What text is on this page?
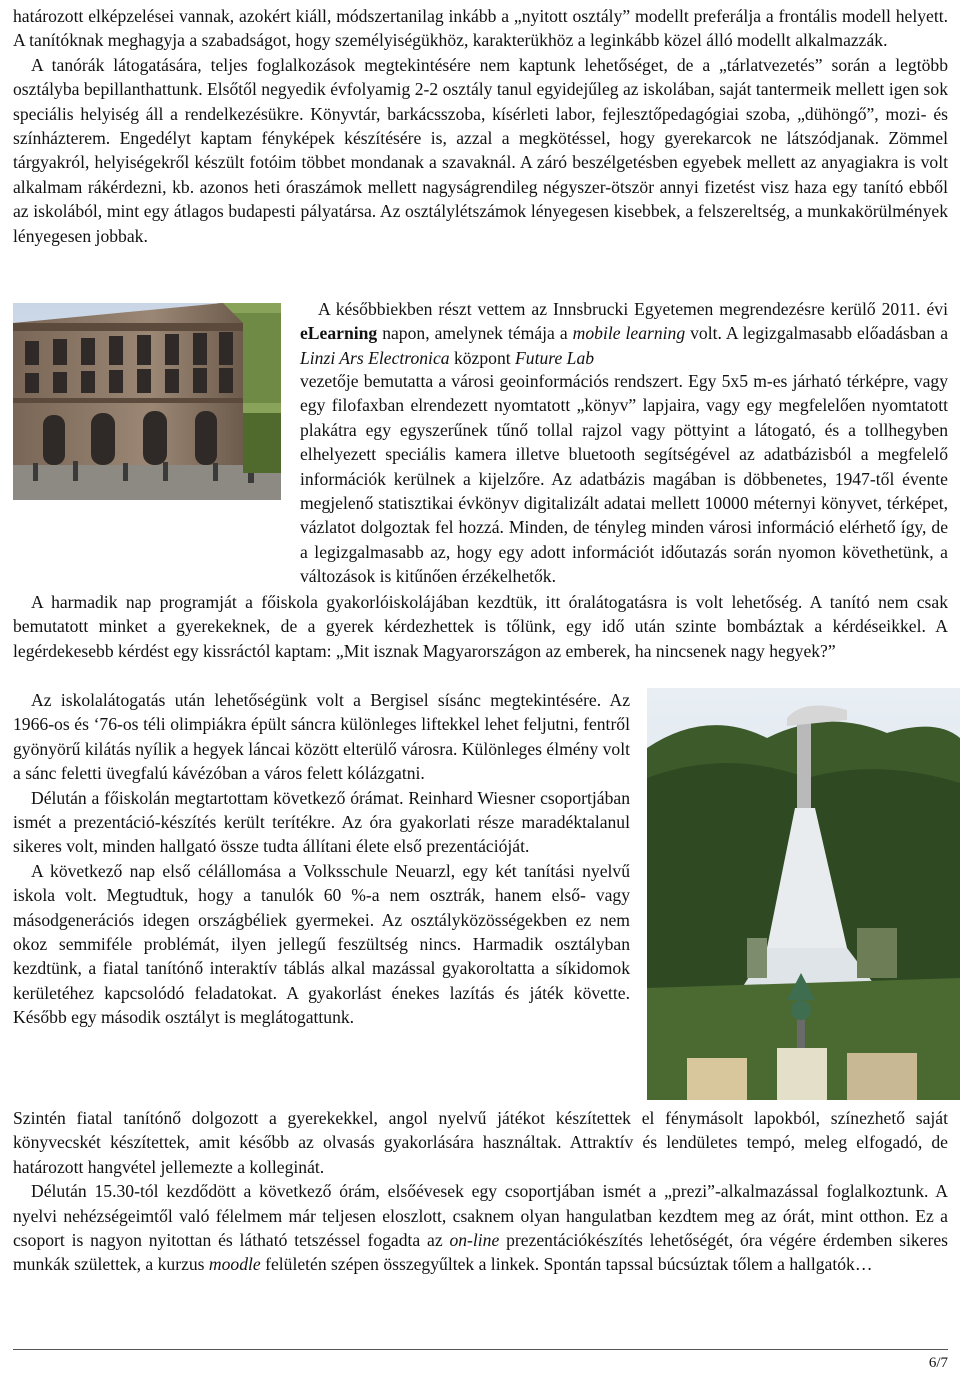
határozott elképzelései vannak, azokért kiáll, módszertanilag inkább a „nyitott osztály” modellt preferálja a frontális modell helyett. A tanítóknak meghagyja a szabadságot, hogy személyiségükhöz, karakterükhöz a leginkább közel álló modellt alkalmazzák.

A tanórák látogatására, teljes foglalkozások megtekintésére nem kaptunk lehetőséget, de a „tárlatvezetés” során a legtöbb osztályba bepillanthattunk. Elsőtől negyedik évfolyamig 2-2 osztály tanul egyidejűleg az iskolában, saját tantermeik mellett igen sok speciális helyiség áll a rendelkezésükre. Könyvtár, barkácsszoba, kísérleti labor, fejlesztőpedagógiai szoba, „dühöngő”, mozi- és színházterem. Engedélyt kaptam fényképek készítésére is, azzal a megkötéssel, hogy gyerekarcok ne látszódjanak. Zömmel tárgyakról, helyiségekről készült fotóim többet mondanak a szavaknál. A záró beszélgetésben egyebek mellett az anyagiakra is volt alkalmam rákérdezni, kb. azonos heti óraszámok mellett nagyságrendileg négyszer-ötször annyi fizetést visz haza egy tanító ebből az iskolából, mint egy átlagos budapesti pályatársa. Az osztálylétszámok lényegesen kisebbek, a felszereltség, a munkakörülmények lényegesen jobbak.

A későbbiekben részt vettem az Innsbrucki Egyetemen megrendezésre kerülő 2011. évi eLearning napon, amelynek témája a mobile learning volt. A legizgalmasabb előadásban a Linzi Ars Electronica központ Future Lab

vezetője bemutatta a városi geoinformációs rendszert. Egy 5x5 m-es járható térképre, vagy egy filofaxban elrendezett nyomtatott „könyv” lapjaira, vagy egy megfelelően nyomtatott plakátra egy egyszerűnek tűnő tollal rajzol vagy pöttyint a látogató, és a tollhegyben elhelyezett speciális kamera illetve bluetooth segítségével az adatbázisból a megfelelő információk kerülnek a kijelzőre. Az adatbázis magában is döbbenetes, 1947-től évente megjelenő statisztikai évkönyv digitalizált adatai mellett 10000 méternyi könyvet, térképet, vázlatot dolgoztak fel hozzá. Minden, de tényleg minden városi információ elérhető így, de a legizgalmasabb az, hogy egy adott információt időutazás során nyomon követhetünk, a változások is kitűnően érzékelhetők.

A harmadik nap programját a főiskola gyakorlóiskolájában kezdtük, itt óralátogatásra is volt lehetőség. A tanító nem csak bemutatott minket a gyerekeknek, de a gyerek kérdezhettek is tőlünk, egy idő után szinte bombáztak a kérdéseikkel. A legérdekesebb kérdést egy kissráctól kaptam: „Mit isznak Magyarországon az emberek, ha nincsenek nagy hegyek?”

Az iskolalátogatás után lehetőségünk volt a Bergisel sísánc megtekintésére. Az 1966-os és ‘76-os téli olimpiákra épült sáncra különleges liftekkel lehet feljutni, fentről gyönyörű kilátás nyílik a hegyek láncai között elterülő városra. Különleges élmény volt a sánc feletti üvegfalú kávézóban a város felett kólázgatni.

Délután a főiskolán megtartottam következő órámat. Reinhard Wiesner csoportjában ismét a prezentáció-készítés került terítékre. Az óra gyakorlati része maradéktalanul sikeres volt, minden hallgató össze tudta állítani élete első prezentációját.

A következő nap első célállomása a Volksschule Neuarzl, egy két tanítási nyelvű iskola volt. Megtudtuk, hogy a tanulók 60 %-a nem osztrák, hanem első- vagy másodgenerációs idegen országbéliek gyermekei. Az osztályközösségekben ez nem okoz semmiféle problémát, ilyen jellegű feszültség nincs. Harmadik osztályban kezdtünk, a fiatal tanítónő interaktív táblás alkal mazással gyakoroltatta a síkidomok kerületéhez kapcsolódó feladatokat. A gyakorlást énekes lazítás és játék követte. Később egy második osztályt is meglátogattunk.

Szintén fiatal tanítónő dolgozott a gyerekekkel, angol nyelvű játékot készítettek el fénymásolt lapokból, színezhető saját könyvecskét készítettek, amit később az olvasás gyakorlására használtak. Attraktív és lendületes tempó, meleg elfogadó, de határozott hangvétel jellemezte a kolleginát.

Délután 15.30-tól kezdődött a következő órám, elsőévesek egy csoportjában ismét a „prezi”-alkalmazással foglalkoztunk. A nyelvi nehézségeimtől való félelmem már teljesen eloszlott, csaknem olyan hangulatban kezdtem meg az órát, mint otthon. Ez a csoport is nagyon nyitottan és látható tetszéssel fogadta az on-line prezentációkészítés lehetőségét, óra végére érdemben sikeres munkák születtek, a kurzus moodle felületén szépen összegyűltek a linkek. Spontán tapssal búcsúztak tőlem a hallgatók…

6/7
